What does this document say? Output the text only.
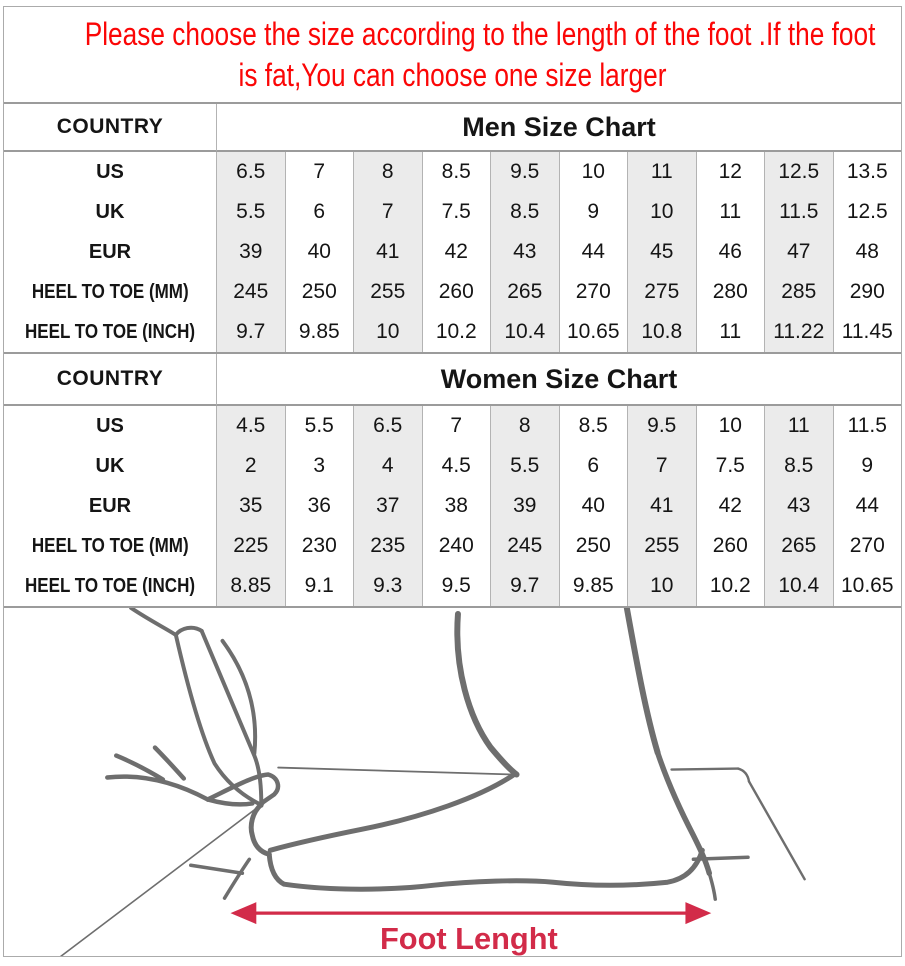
Please choose the size according to the length of the foot .If the foot
is fat,You can choose one size larger
COUNTRY	Men Size Chart
US	6.5 7	8 8.5 9.5 10 11 12 12.5 13.5
UK	5.5 6	7 7.5 8.5 9 10 11 11.5 12.5
EUR	39 40 41 42 43 44 45 46 47 48
HEEL TO TOE (MM) 245 250 255 260 265 270 275 280 285 290
HEEL TO TOE (INCH) 9.7 9.85 10 10.2 10.4 10.65 10.8 11 11.22 11.45
COUNTRY	Women Size Chart
US	4.5 5.5 6.5 7	8 8.5 9.5 10 11 11.5
UK	2	3	4 4.5 5.5 6	7 7.5 8.5 9
EUR	35 36 37 38 39 40 41 42 43 44
HEEL TO TOE (MM) 225 230 235 240 245 250 255 260 265 270
HEEL TO TOE (INCH) 8.85 9.1 9.3 9.5 9.7 9.85 10 10.2 10.4 10.65
Foot Lenght
